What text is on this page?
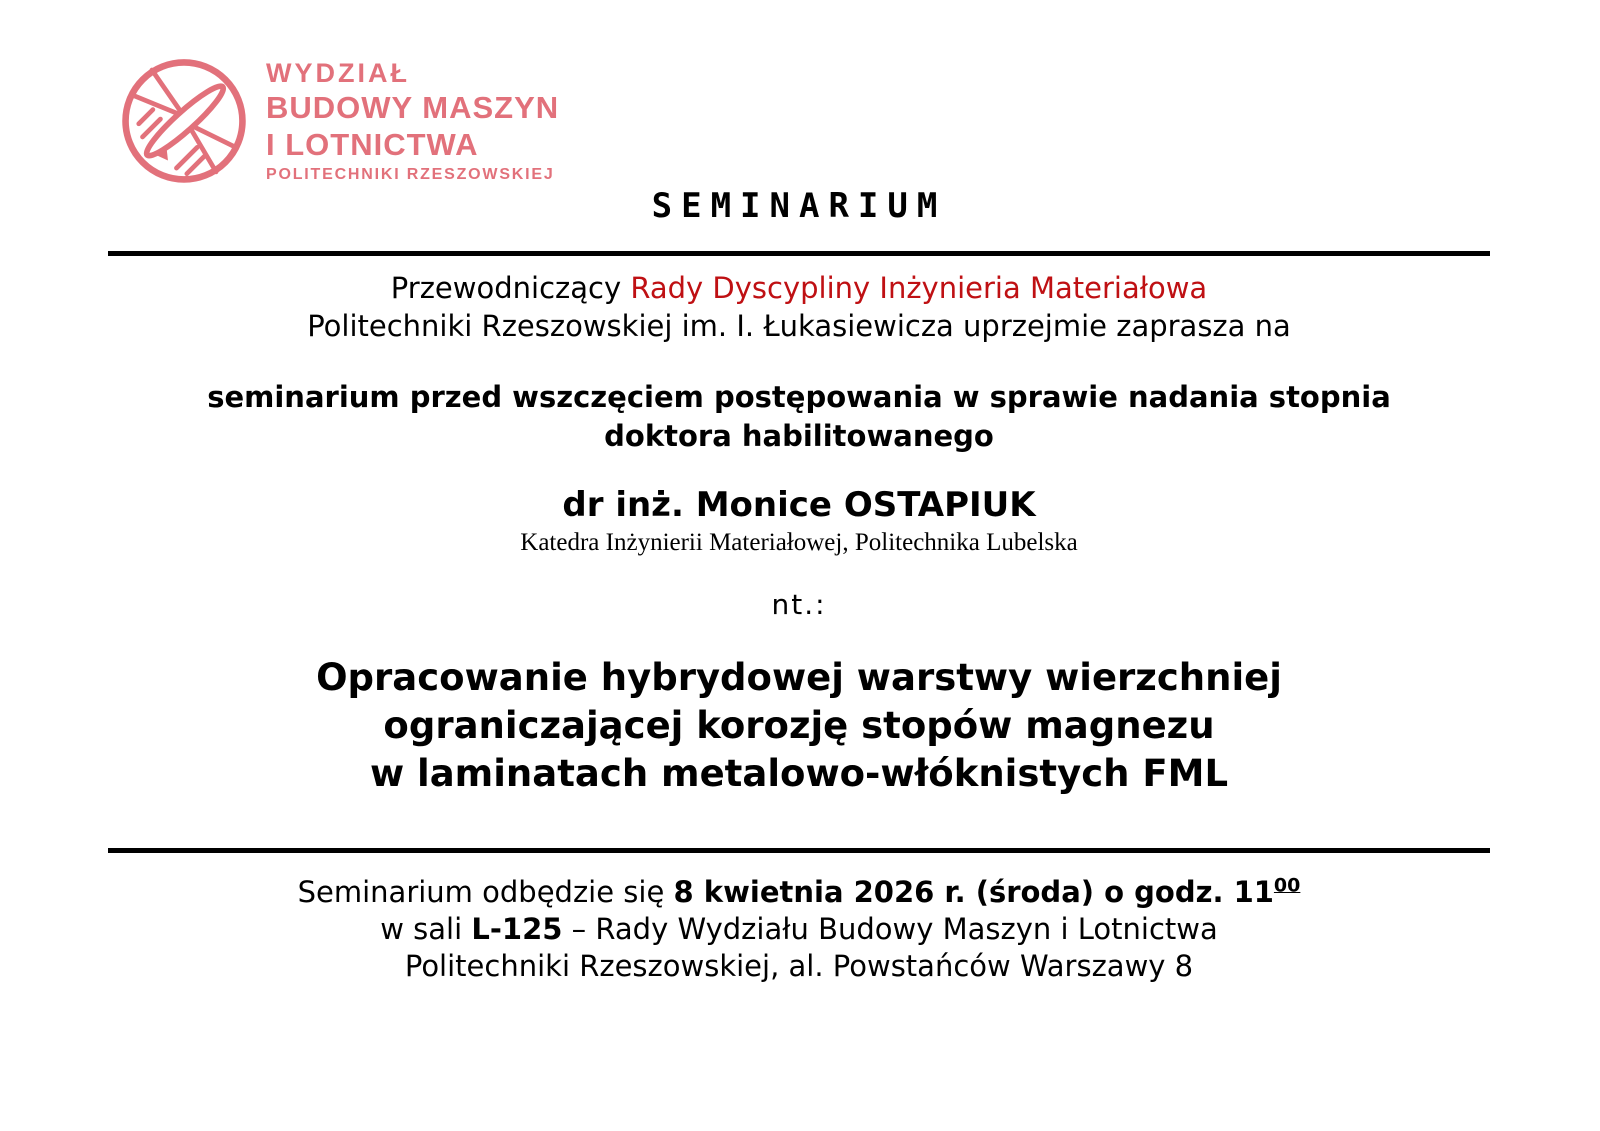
WYDZIAŁ
BUDOWY MASZYN
I LOTNICTWA
POLITECHNIKI RZESZOWSKIEJ
SEMINARIUM
Przewodniczący Rady Dyscypliny Inżynieria Materiałowa
Politechniki Rzeszowskiej im. I. Łukasiewicza uprzejmie zaprasza na
seminarium przed wszczęciem postępowania w sprawie nadania stopnia
doktora habilitowanego
dr inż. Monice OSTAPIUK
Katedra Inżynierii Materiałowej, Politechnika Lubelska
nt.:
Opracowanie hybrydowej warstwy wierzchniej
ograniczającej korozję stopów magnezu
w laminatach metalowo-włóknistych FML
Seminarium odbędzie się 8 kwietnia 2026 r. (środa) o godz. $11^{00}$
w sali L-125 – Rady Wydziału Budowy Maszyn i Lotnictwa
Politechniki Rzeszowskiej, al. Powstańców Warszawy 8
